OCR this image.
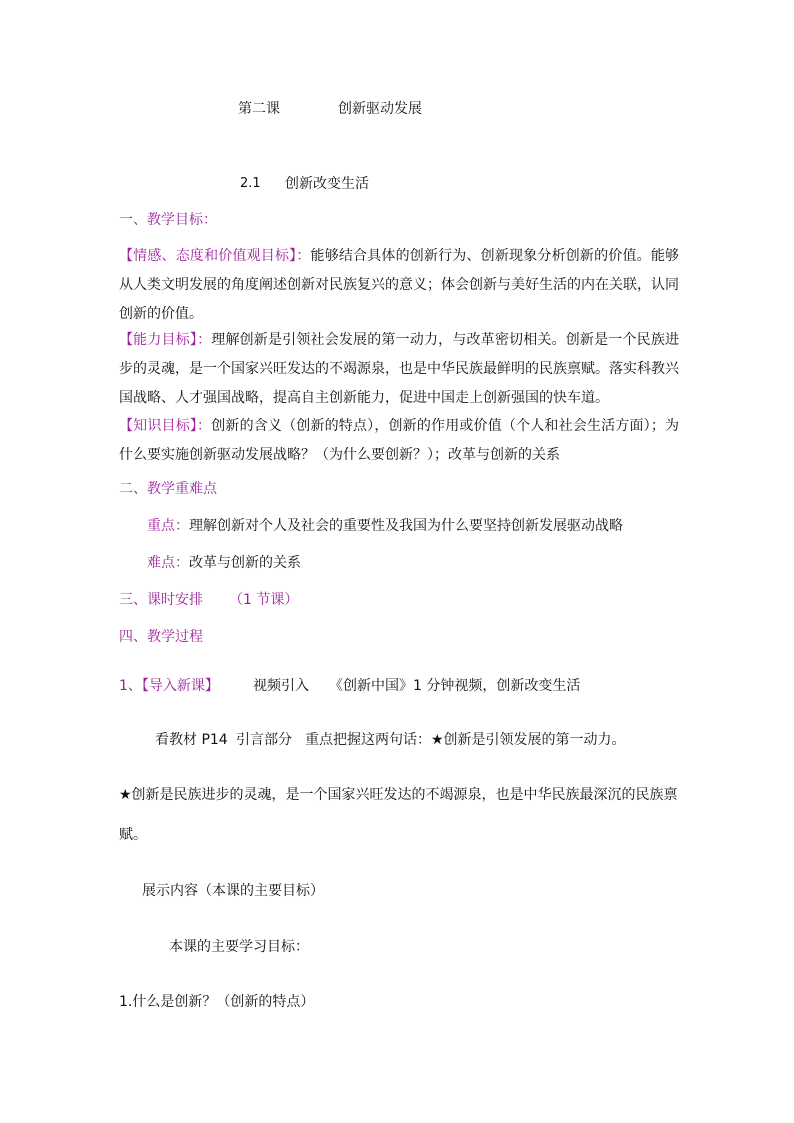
第二课	创新驱动发展
2.1 创新改变生活
一、教学目标：
【情感、态度和价值观目标】：能够结合具体的创新行为、创新现象分析创新的价值。能够从人类文明发展的角度阐述创新对民族复兴的意义；体会创新与美好生活的内在关联，认同创新的价值。
【能力目标】：理解创新是引领社会发展的第一动力，与改革密切相关。创新是一个民族进步的灵魂，是一个国家兴旺发达的不竭源泉，也是中华民族最鲜明的民族禀赋。落实科教兴国战略、人才强国战略，提高自主创新能力，促进中国走上创新强国的快车道。
【知识目标】：创新的含义（创新的特点），创新的作用或价值（个人和社会生活方面）；为什么要实施创新驱动发展战略？（为什么要创新？）；改革与创新的关系
二、教学重难点
重点：理解创新对个人及社会的重要性及我国为什么要坚持创新发展驱动战略
难点：改革与创新的关系
三、课时安排 （1 节课）
四、教学过程
1、【导入新课】 视频引入 《创新中国》1 分钟视频，创新改变生活
看教材 P14 引言部分 重点把握这两句话：★创新是引领发展的第一动力。
★创新是民族进步的灵魂，是一个国家兴旺发达的不竭源泉，也是中华民族最深沉的民族禀
赋。
展示内容（本课的主要目标）
本课的主要学习目标：
1.什么是创新？（创新的特点）
